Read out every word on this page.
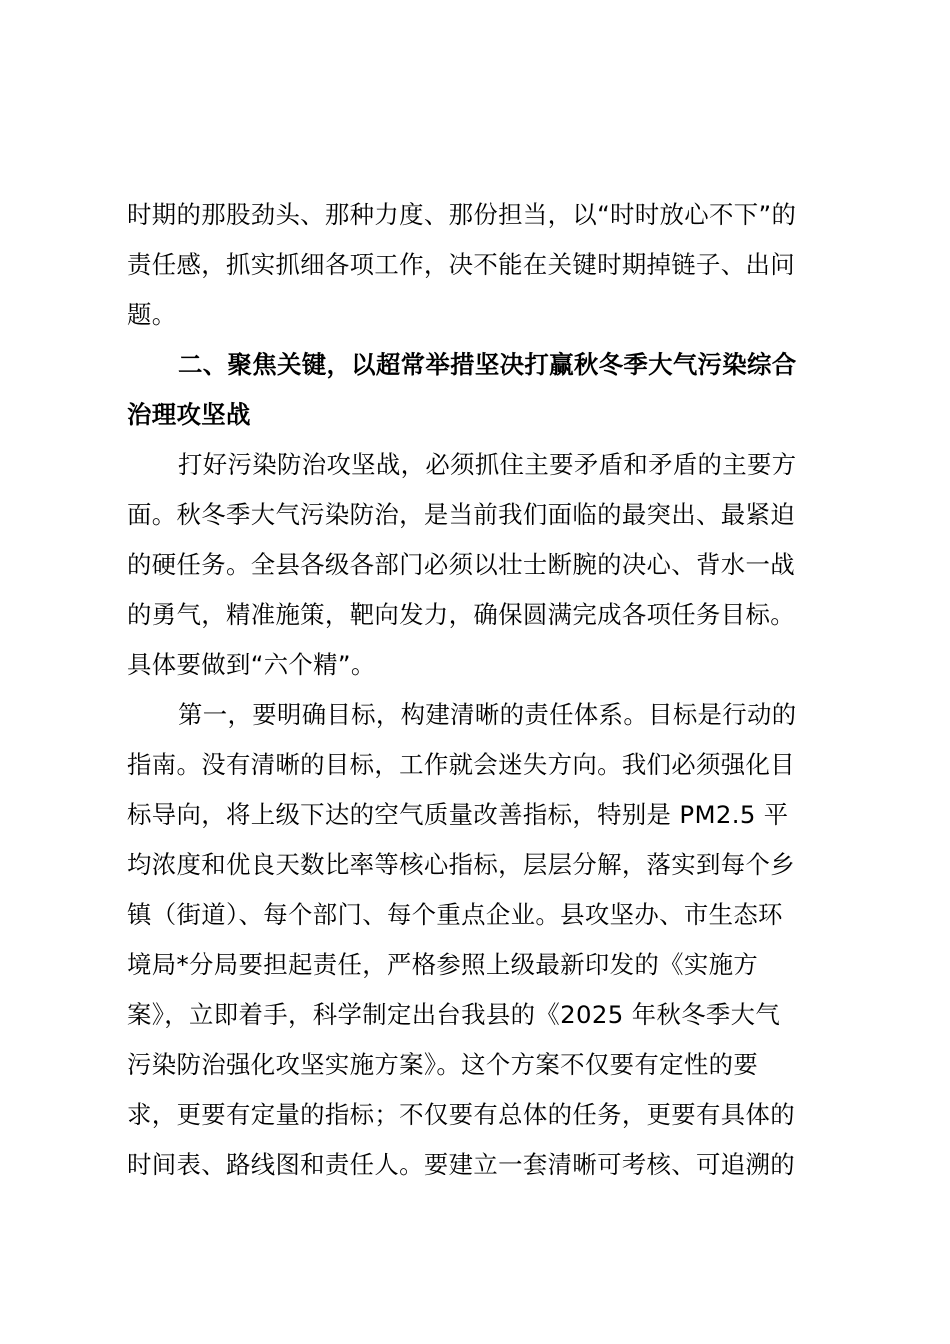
时期的那股劲头、那种力度、那份担当，以“时时放心不下”的
责任感，抓实抓细各项工作，决不能在关键时期掉链子、出问
题。
二、聚焦关键，以超常举措坚决打赢秋冬季大气污染综合
治理攻坚战
打好污染防治攻坚战，必须抓住主要矛盾和矛盾的主要方
面。秋冬季大气污染防治，是当前我们面临的最突出、最紧迫
的硬任务。全县各级各部门必须以壮士断腕的决心、背水一战
的勇气，精准施策，靶向发力，确保圆满完成各项任务目标。
具体要做到“六个精”。
第一，要明确目标，构建清晰的责任体系。目标是行动的
指南。没有清晰的目标，工作就会迷失方向。我们必须强化目
标导向，将上级下达的空气质量改善指标，特别是 PM2.5 平
均浓度和优良天数比率等核心指标，层层分解，落实到每个乡
镇（街道）、每个部门、每个重点企业。县攻坚办、市生态环
境局*分局要担起责任，严格参照上级最新印发的《实施方
案》，立即着手，科学制定出台我县的《2025 年秋冬季大气
污染防治强化攻坚实施方案》。这个方案不仅要有定性的要
求，更要有定量的指标；不仅要有总体的任务，更要有具体的
时间表、路线图和责任人。要建立一套清晰可考核、可追溯的
